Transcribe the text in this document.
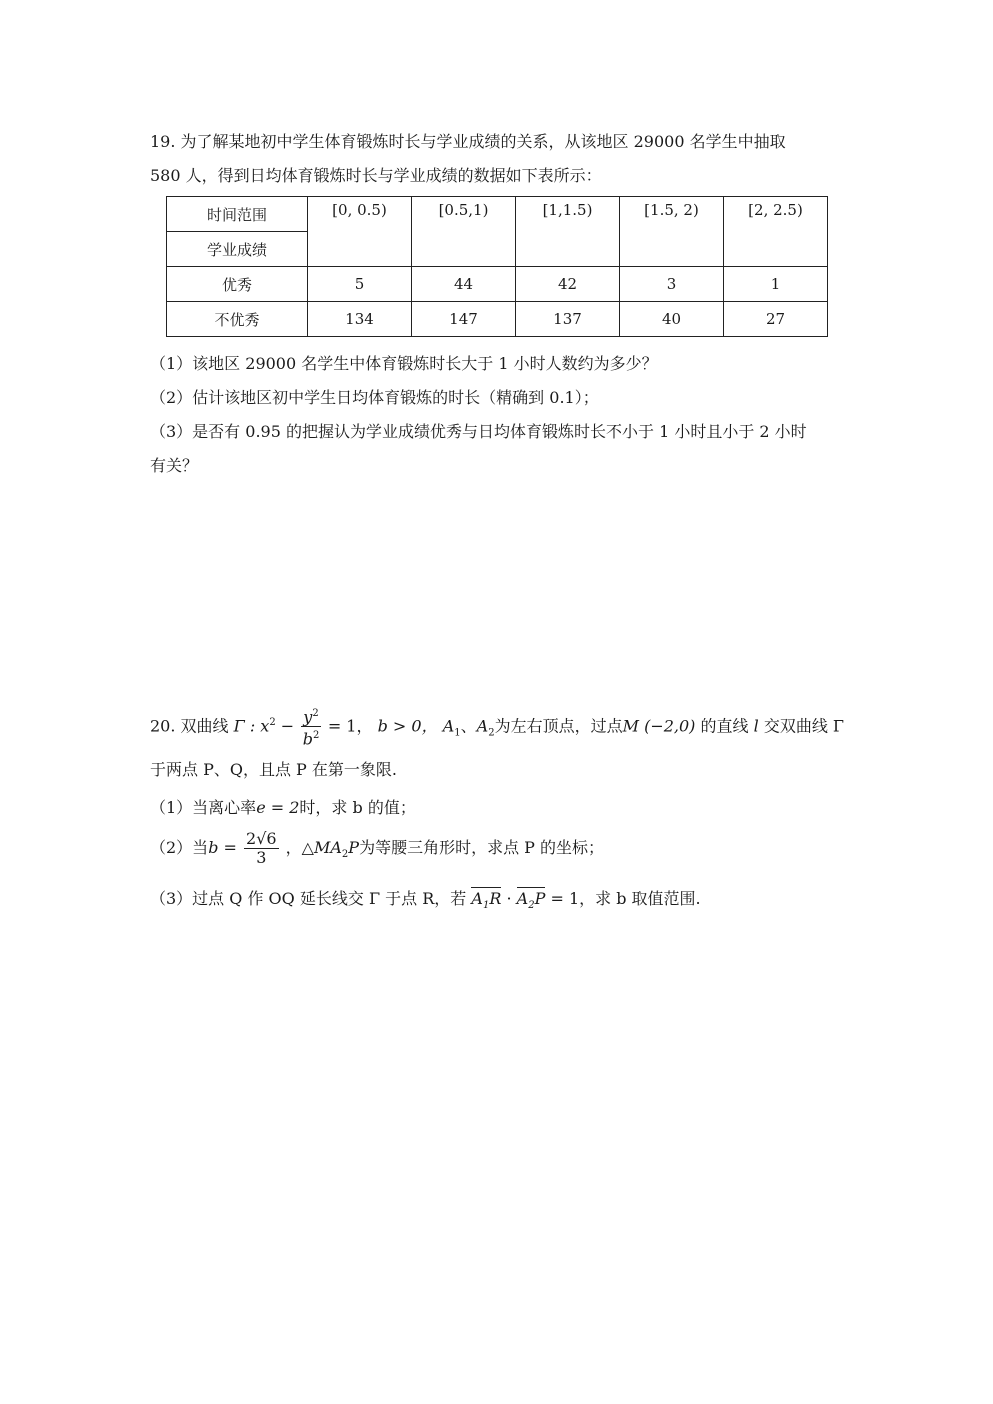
19. 为了解某地初中学生体育锻炼时长与学业成绩的关系，从该地区 29000 名学生中抽取
580 人，得到日均体育锻炼时长与学业成绩的数据如下表所示：
时间范围	[0, 0.5)	[0.5,1)	[1,1.5)	[1.5, 2)	[2, 2.5)
学业成绩					
优秀	5	44	42	3	1
不优秀	134	147	137	40	27
（1）该地区 29000 名学生中体育锻炼时长大于 1 小时人数约为多少？
（2）估计该地区初中学生日均体育锻炼的时长（精确到 0.1）；
（3）是否有 0.95 的把握认为学业成绩优秀与日均体育锻炼时长不小于 1 小时且小于 2 小时
有关？
20. 双曲线 Γ : $x^2 - \frac{y^2}{b^2} = 1$， b > 0， $A_1$、$A_2$为左右顶点，过点M (−2,0) 的直线 l 交双曲线 Γ
于两点 P、Q，且点 P 在第一象限.
（1）当离心率e = 2时，求 b 的值；
（2）当$b = \frac{2√6}{3}$ ，$\triangle MA_2P$为等腰三角形时，求点 P 的坐标；
（3）过点 Q 作 OQ 延长线交 Γ 于点 R，若 $A_1R \cdot A_2P = 1$，求 b 取值范围.
